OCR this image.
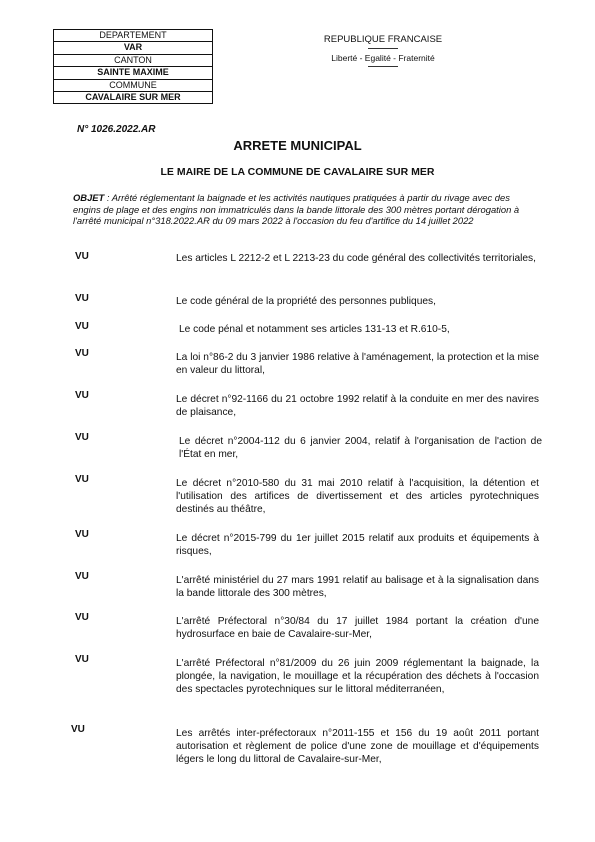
DEPARTEMENT
VAR
CANTON
SAINTE MAXIME
COMMUNE
CAVALAIRE SUR MER
REPUBLIQUE FRANCAISE
Liberté - Egalité - Fraternité
N° 1026.2022.AR
ARRETE MUNICIPAL
LE MAIRE DE LA COMMUNE DE CAVALAIRE SUR MER
OBJET : Arrêté réglementant la baignade et les activités nautiques pratiquées à partir du rivage avec des engins de plage et des engins non immatriculés dans la bande littorale des 300 mètres portant dérogation à l'arrêté municipal n°318.2022.AR du 09 mars 2022 à l'occasion du feu d'artifice du 14 juillet 2022
VU	Les articles L 2212-2 et L 2213-23 du code général des collectivités territoriales,
VU	Le code général de la propriété des personnes publiques,
VU	Le code pénal et notamment ses articles 131-13 et R.610-5,
VU	La loi n°86-2 du 3 janvier 1986 relative à l'aménagement, la protection et la mise en valeur du littoral,
VU	Le décret n°92-1166 du 21 octobre 1992 relatif à la conduite en mer des navires de plaisance,
VU	Le décret n°2004-112 du 6 janvier 2004, relatif à l'organisation de l'action de l'État en mer,
VU	Le décret n°2010-580 du 31 mai 2010 relatif à l'acquisition, la détention et l'utilisation des artifices de divertissement et des articles pyrotechniques destinés au théâtre,
VU	Le décret n°2015-799 du 1er juillet 2015 relatif aux produits et équipements à risques,
VU	L'arrêté ministériel du 27 mars 1991 relatif au balisage et à la signalisation dans la bande littorale des 300 mètres,
VU	L'arrêté Préfectoral n°30/84 du 17 juillet 1984 portant la création d'une hydrosurface en baie de Cavalaire-sur-Mer,
VU	L'arrêté Préfectoral n°81/2009 du 26 juin 2009 réglementant la baignade, la plongée, la navigation, le mouillage et la récupération des déchets à l'occasion des spectacles pyrotechniques sur le littoral méditerranéen,
VU	Les arrêtés inter-préfectoraux n°2011-155 et 156 du 19 août 2011 portant autorisation et règlement de police d'une zone de mouillage et d'équipements légers le long du littoral de Cavalaire-sur-Mer,
